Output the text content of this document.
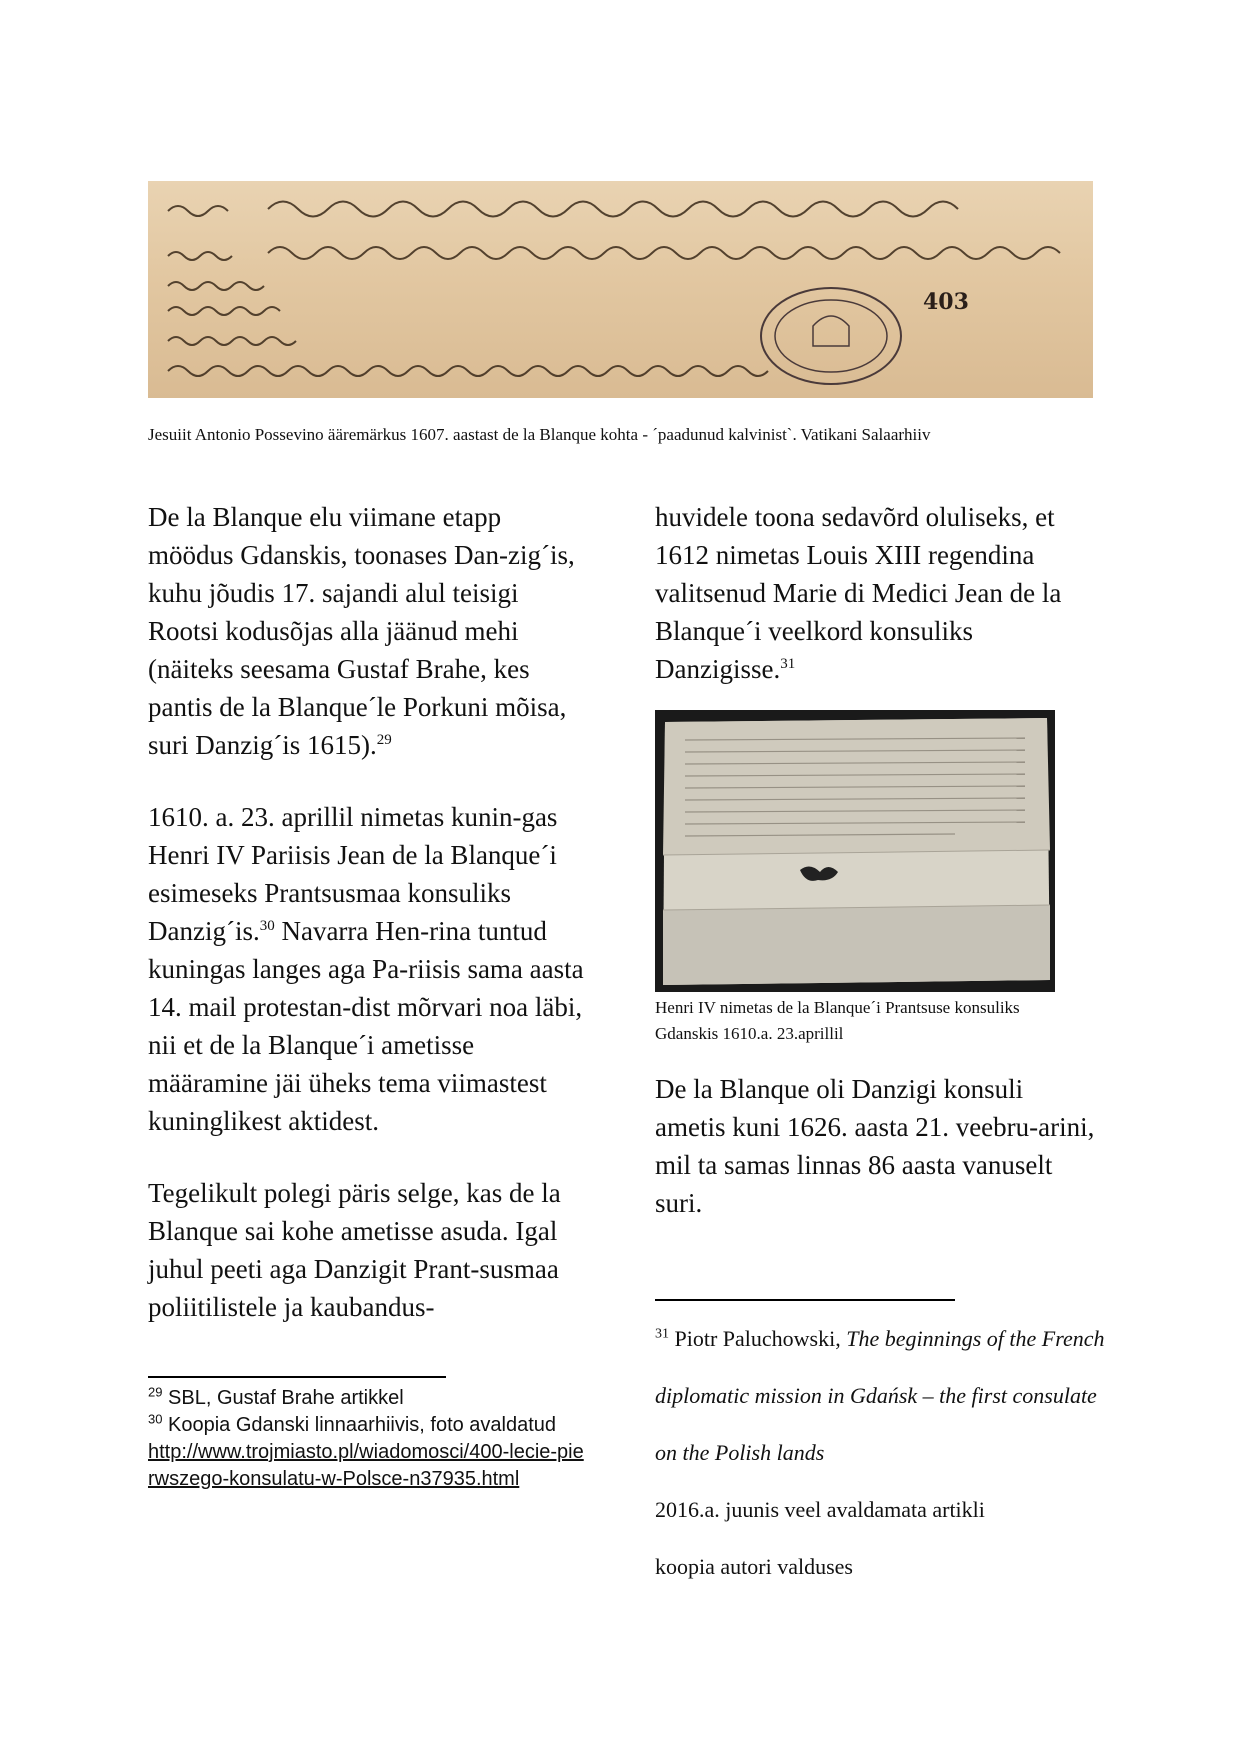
403
Jesuiit Antonio Possevino ääremärkus 1607. aastast de la Blanque kohta - ´paadunud kalvinist`. Vatikani Salaarhiiv

De la Blanque elu viimane etapp möödus Gdanskis, toonases Dan-zig´is, kuhu jõudis 17. sajandi alul teisigi Rootsi kodusõjas alla jäänud mehi (näiteks seesama Gustaf Brahe, kes pantis de la Blanque´le Porkuni mõisa, suri Danzig´is 1615).$^{29}$

1610. a. 23. aprillil nimetas kunin-gas Henri IV Pariisis Jean de la Blanque´i esimeseks Prantsusmaa konsuliks Danzig´is.$^{30}$ Navarra Hen-rina tuntud kuningas langes aga Pa-riisis sama aasta 14. mail protestan-dist mõrvari noa läbi, nii et de la Blanque´i ametisse määramine jäi üheks tema viimastest kuninglikest aktidest.

Tegelikult polegi päris selge, kas de la Blanque sai kohe ametisse asuda. Igal juhul peeti aga Danzigit Prant-susmaa poliitilistele ja kaubandus-

huvidele toona sedavõrd oluliseks, et 1612 nimetas Louis XIII regendina valitsenud Marie di Medici Jean de la Blanque´i veelkord konsuliks Danzigisse.$^{31}$

Henri IV nimetas de la Blanque´i Prantsuse konsuliks Gdanskis 1610.a. 23.aprillil

De la Blanque oli Danzigi konsuli ametis kuni 1626. aasta 21. veebru-arini, mil ta samas linnas 86 aasta vanuselt suri.

$^{29}$ SBL, Gustaf Brahe artikkel
$^{30}$ Koopia Gdanski linnaarhiivis, foto avaldatud
http://www.trojmiasto.pl/wiadomosci/400-lecie-pierwszego-konsulatu-w-Polsce-n37935.html
$^{31}$ Piotr Paluchowski, The beginnings of the French diplomatic mission in Gdańsk – the first consulate on the Polish lands
2016.a. juunis veel avaldamata artikli
koopia autori valduses
